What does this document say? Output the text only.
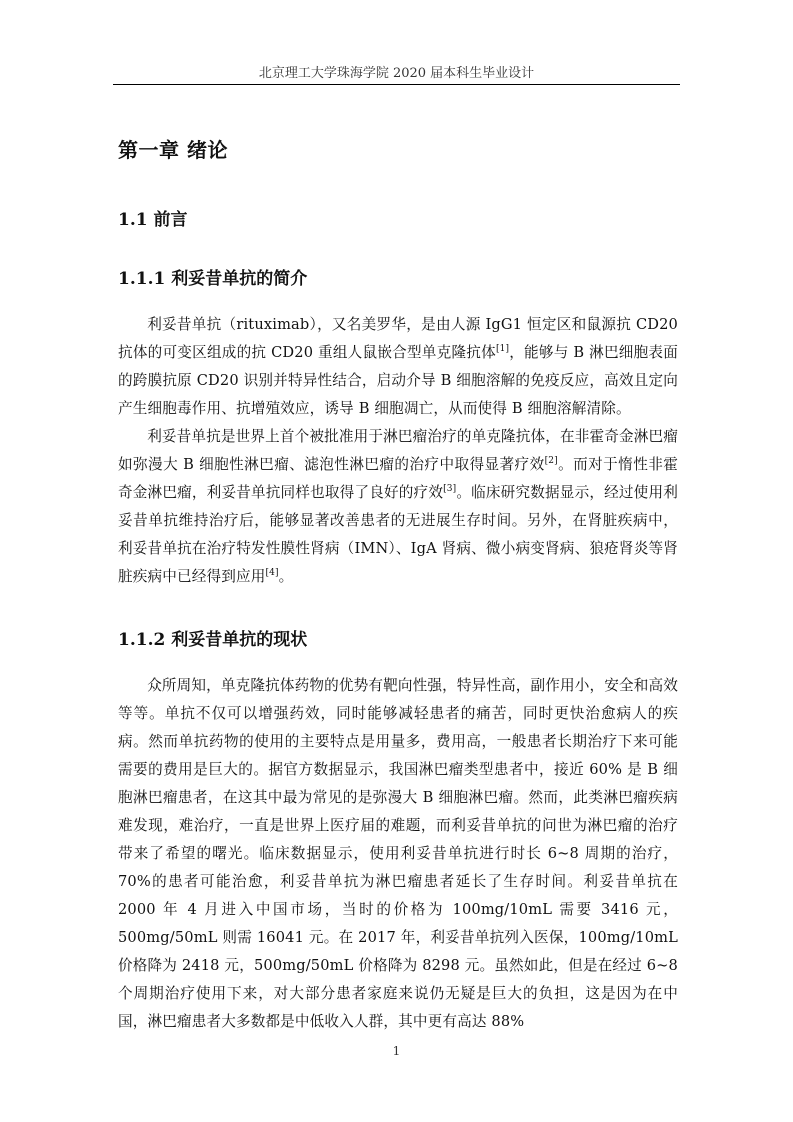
北京理工大学珠海学院 2020 届本科生毕业设计
第一章 绪论
1.1 前言
1.1.1 利妥昔单抗的简介

利妥昔单抗（rituximab），又名美罗华，是由人源 IgG1 恒定区和鼠源抗 CD20 抗体的可变区组成的抗 CD20 重组人鼠嵌合型单克隆抗体[1]，能够与 B 淋巴细胞表面的跨膜抗原 CD20 识别并特异性结合，启动介导 B 细胞溶解的免疫反应，高效且定向产生细胞毒作用、抗增殖效应，诱导 B 细胞凋亡，从而使得 B 细胞溶解清除。

利妥昔单抗是世界上首个被批准用于淋巴瘤治疗的单克隆抗体，在非霍奇金淋巴瘤如弥漫大 B 细胞性淋巴瘤、滤泡性淋巴瘤的治疗中取得显著疗效[2]。而对于惰性非霍奇金淋巴瘤，利妥昔单抗同样也取得了良好的疗效[3]。临床研究数据显示，经过使用利妥昔单抗维持治疗后，能够显著改善患者的无进展生存时间。另外，在肾脏疾病中，利妥昔单抗在治疗特发性膜性肾病（IMN）、IgA 肾病、微小病变肾病、狼疮肾炎等肾脏疾病中已经得到应用[4]。

1.1.2 利妥昔单抗的现状

众所周知，单克隆抗体药物的优势有靶向性强，特异性高，副作用小，安全和高效等等。单抗不仅可以增强药效，同时能够减轻患者的痛苦，同时更快治愈病人的疾病。然而单抗药物的使用的主要特点是用量多，费用高，一般患者长期治疗下来可能需要的费用是巨大的。据官方数据显示，我国淋巴瘤类型患者中，接近 60% 是 B 细胞淋巴瘤患者，在这其中最为常见的是弥漫大 B 细胞淋巴瘤。然而，此类淋巴瘤疾病难发现，难治疗，一直是世界上医疗届的难题，而利妥昔单抗的问世为淋巴瘤的治疗带来了希望的曙光。临床数据显示，使用利妥昔单抗进行时长 6~8 周期的治疗，70%的患者可能治愈，利妥昔单抗为淋巴瘤患者延长了生存时间。利妥昔单抗在 2000 年 4 月进入中国市场，当时的价格为 100mg/10mL 需要 3416 元，500mg/50mL 则需 16041 元。在 2017 年，利妥昔单抗列入医保，100mg/10mL 价格降为 2418 元，500mg/50mL 价格降为 8298 元。虽然如此，但是在经过 6~8 个周期治疗使用下来，对大部分患者家庭来说仍无疑是巨大的负担，这是因为在中国，淋巴瘤患者大多数都是中低收入人群，其中更有高达 88%

1
